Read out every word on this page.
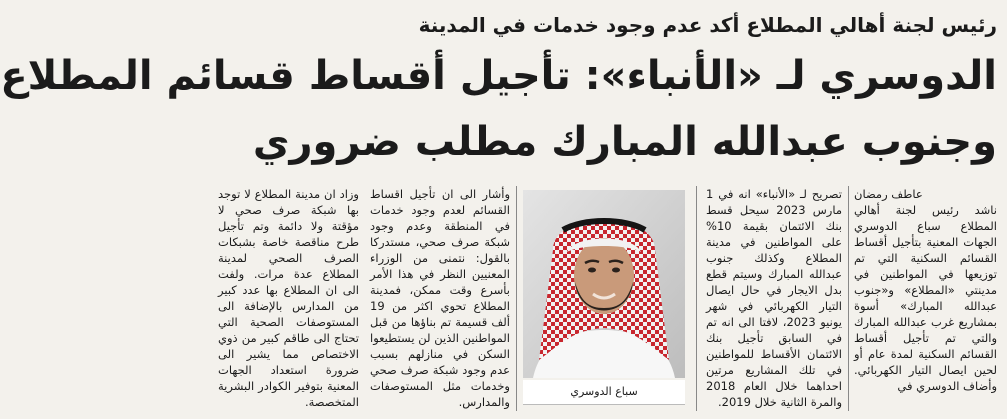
رئيس لجنة أهالي المطلاع أكد عدم وجود خدمات في المدينة
الدوسري لـ «الأنباء»: تأجيل أقساط قسائم المطلاع
وجنوب عبدالله المبارك مطلب ضروري
عاطف رمضان

ناشد رئيس لجنة أهالي المطلاع سباع الدوسري الجهات المعنية بتأجيل أقساط القسائم السكنية التي تم توزيعها في المواطنين في مدينتي «المطلاع» و«جنوب عبدالله المبارك» أسوة بمشاريع غرب عبدالله المبارك والتي تم تأجيل أقساط القسائم السكنية لمدة عام أو لحين ايصال التيار الكهربائي. وأضاف الدوسري في

تصريح لـ «الأنباء» انه في 1 مارس 2023 سيحل قسط بنك الائتمان بقيمة 10% على المواطنين في مدينة المطلاع وكذلك جنوب عبدالله المبارك وسيتم قطع بدل الايجار في حال ايصال التيار الكهربائي في شهر يونيو 2023، لافتا الى انه تم في السابق تأجيل بنك الائتمان الأقساط للمواطنين في تلك المشاريع مرتين احداهما خلال العام 2018 والمرة الثانية خلال 2019.

سباع الدوسري

وأشار الى ان تأجيل اقساط القسائم لعدم وجود خدمات في المنطقة وعدم وجود شبكة صرف صحي، مستدركا بالقول: نتمنى من الوزراء المعنيين النظر في هذا الأمر بأسرع وقت ممكن، فمدينة المطلاع تحوي اكثر من 19 ألف قسيمة تم بناؤها من قبل المواطنين الذين لن يستطيعوا السكن في منازلهم بسبب عدم وجود شبكة صرف صحي وخدمات مثل المستوصفات والمدارس.

وزاد ان مدينة المطلاع لا توجد بها شبكة صرف صحي لا مؤقتة ولا دائمة وتم تأجيل طرح مناقصة خاصة بشبكات الصرف الصحي لمدينة المطلاع عدة مرات. ولفت الى ان المطلاع بها عدد كبير من المدارس بالإضافة الى المستوصفات الصحية التي تحتاج الى طاقم كبير من ذوي الاختصاص مما يشير الى ضرورة استعداد الجهات المعنية بتوفير الكوادر البشرية المتخصصة.
